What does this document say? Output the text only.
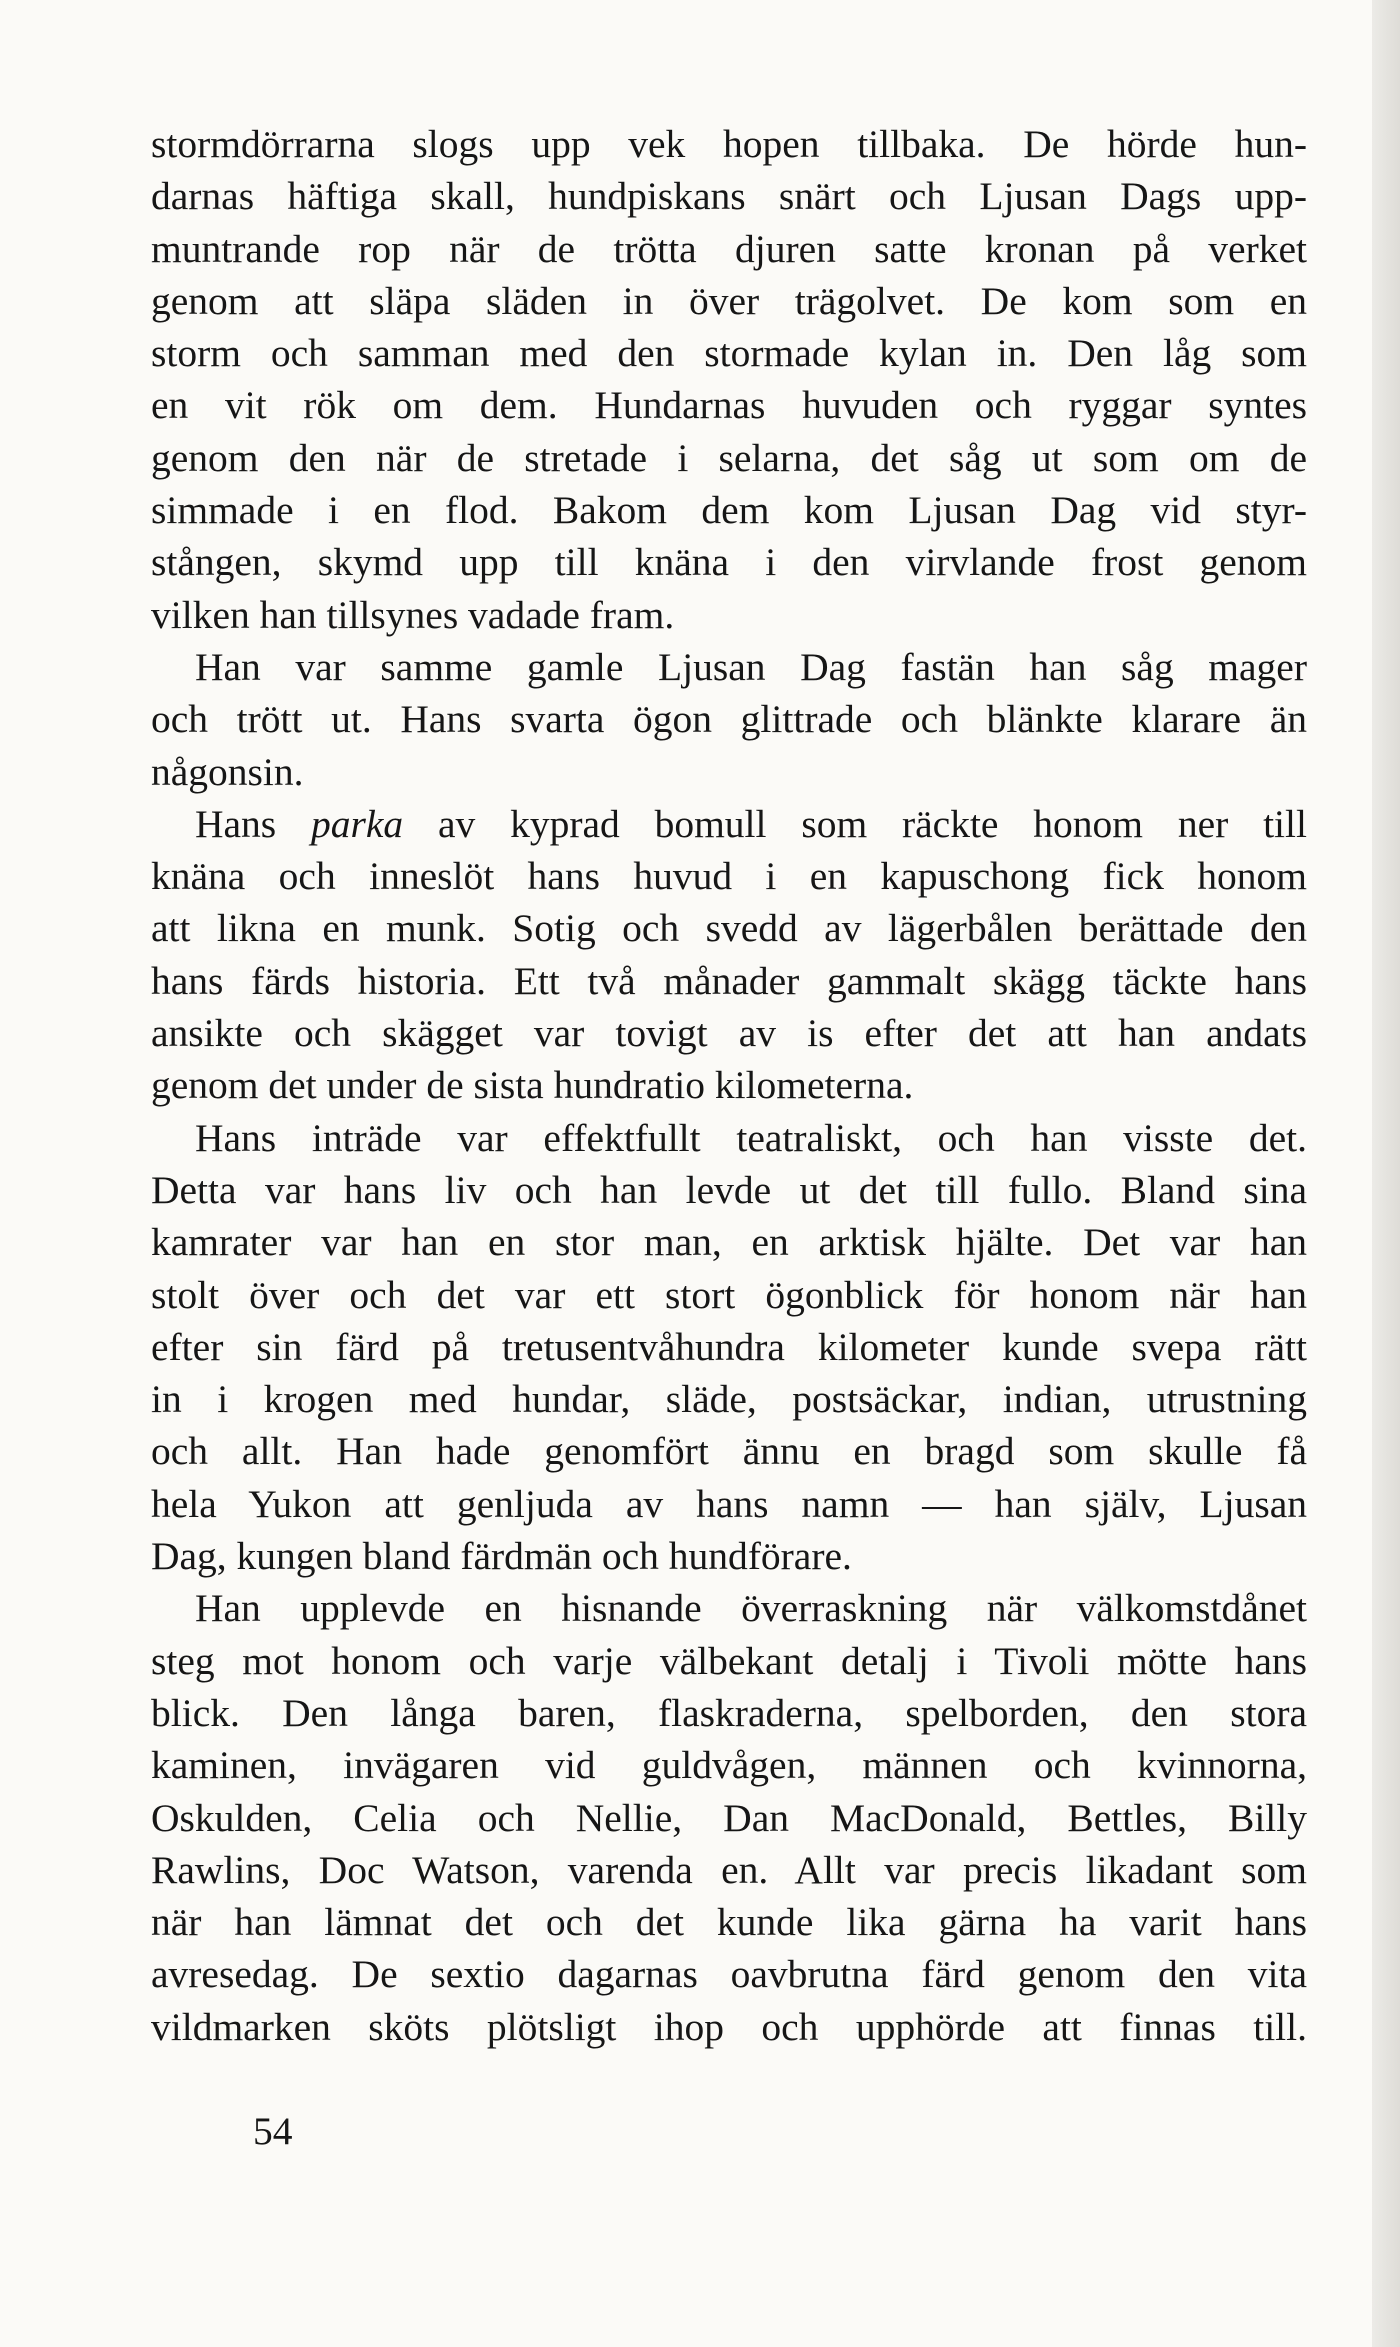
stormdörrarna slogs upp vek hopen tillbaka. De hörde hun-
darnas häftiga skall, hundpiskans snärt och Ljusan Dags upp-
muntrande rop när de trötta djuren satte kronan på verket
genom att släpa släden in över trägolvet. De kom som en
storm och samman med den stormade kylan in. Den låg som
en vit rök om dem. Hundarnas huvuden och ryggar syntes
genom den när de stretade i selarna, det såg ut som om de
simmade i en flod. Bakom dem kom Ljusan Dag vid styr-
stången, skymd upp till knäna i den virvlande frost genom
vilken han tillsynes vadade fram.
Han var samme gamle Ljusan Dag fastän han såg mager
och trött ut. Hans svarta ögon glittrade och blänkte klarare än
någonsin.
Hans parka av kyprad bomull som räckte honom ner till
knäna och inneslöt hans huvud i en kapuschong fick honom
att likna en munk. Sotig och svedd av lägerbålen berättade den
hans färds historia. Ett två månader gammalt skägg täckte hans
ansikte och skägget var tovigt av is efter det att han andats
genom det under de sista hundratio kilometerna.
Hans inträde var effektfullt teatraliskt, och han visste det.
Detta var hans liv och han levde ut det till fullo. Bland sina
kamrater var han en stor man, en arktisk hjälte. Det var han
stolt över och det var ett stort ögonblick för honom när han
efter sin färd på tretusentvåhundra kilometer kunde svepa rätt
in i krogen med hundar, släde, postsäckar, indian, utrustning
och allt. Han hade genomfört ännu en bragd som skulle få
hela Yukon att genljuda av hans namn — han själv, Ljusan
Dag, kungen bland färdmän och hundförare.
Han upplevde en hisnande överraskning när välkomstdånet
steg mot honom och varje välbekant detalj i Tivoli mötte hans
blick. Den långa baren, flaskraderna, spelborden, den stora
kaminen, invägaren vid guldvågen, männen och kvinnorna,
Oskulden, Celia och Nellie, Dan MacDonald, Bettles, Billy
Rawlins, Doc Watson, varenda en. Allt var precis likadant som
när han lämnat det och det kunde lika gärna ha varit hans
avresedag. De sextio dagarnas oavbrutna färd genom den vita
vildmarken sköts plötsligt ihop och upphörde att finnas till.
54
